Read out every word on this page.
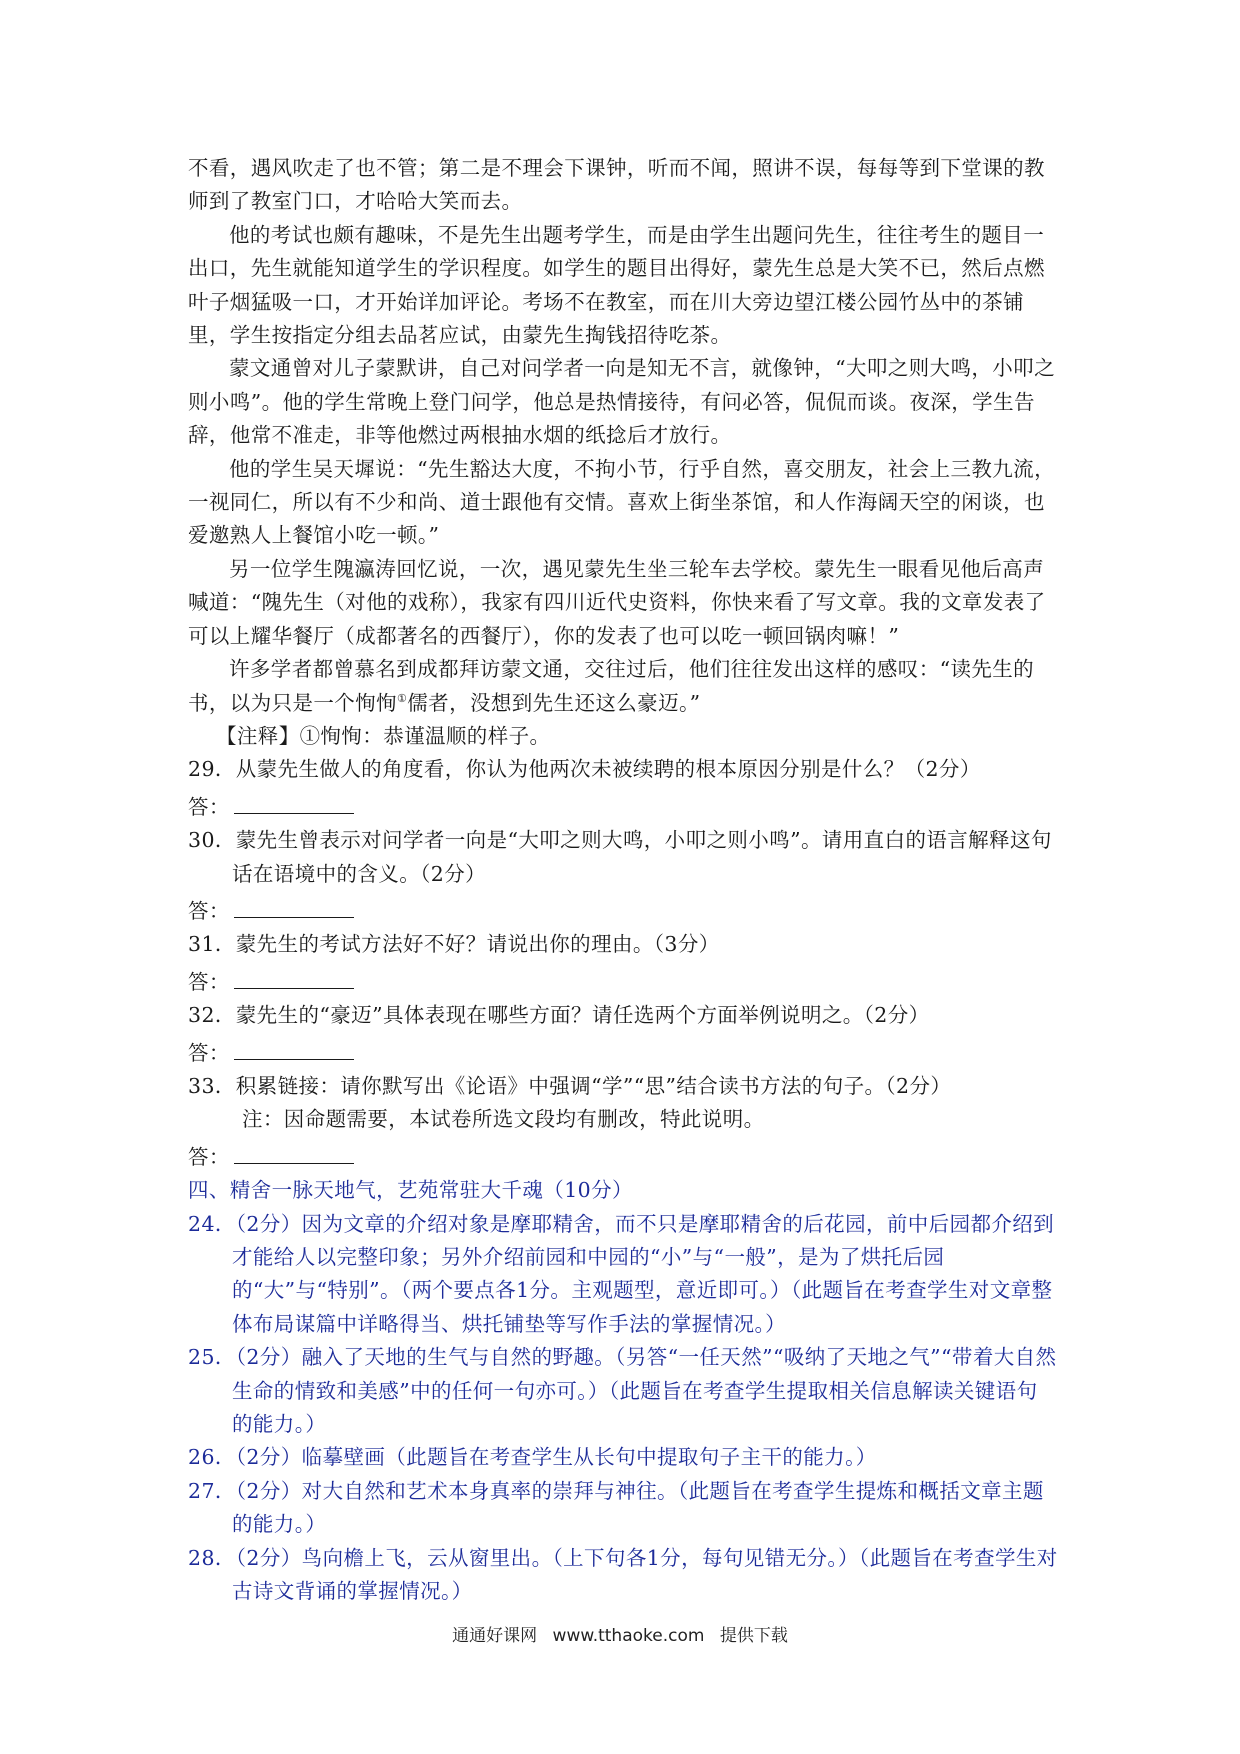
不看，遇风吹走了也不管；第二是不理会下课钟，听而不闻，照讲不误，每每等到下堂课的教师到了教室门口，才哈哈大笑而去。

他的考试也颇有趣味，不是先生出题考学生，而是由学生出题问先生，往往考生的题目一出口，先生就能知道学生的学识程度。如学生的题目出得好，蒙先生总是大笑不已，然后点燃叶子烟猛吸一口，才开始详加评论。考场不在教室，而在川大旁边望江楼公园竹丛中的茶铺里，学生按指定分组去品茗应试，由蒙先生掏钱招待吃茶。

蒙文通曾对儿子蒙默讲，自己对问学者一向是知无不言，就像钟，“大叩之则大鸣，小叩之则小鸣”。他的学生常晚上登门问学，他总是热情接待，有问必答，侃侃而谈。夜深，学生告辞，他常不准走，非等他燃过两根抽水烟的纸捻后才放行。

他的学生吴天墀说：“先生豁达大度，不拘小节，行乎自然，喜交朋友，社会上三教九流，一视同仁，所以有不少和尚、道士跟他有交情。喜欢上街坐茶馆，和人作海阔天空的闲谈，也爱邀熟人上餐馆小吃一顿。”

另一位学生隗瀛涛回忆说，一次，遇见蒙先生坐三轮车去学校。蒙先生一眼看见他后高声喊道：“隗先生（对他的戏称），我家有四川近代史资料，你快来看了写文章。我的文章发表了可以上耀华餐厅（成都著名的西餐厅），你的发表了也可以吃一顿回锅肉嘛！”

许多学者都曾慕名到成都拜访蒙文通，交往过后，他们往往发出这样的感叹：“读先生的书，以为只是一个恂恂①儒者，没想到先生还这么豪迈。”

【注释】①恂恂：恭谨温顺的样子。

29．从蒙先生做人的角度看，你认为他两次未被续聘的根本原因分别是什么？（2分）

答：

30．蒙先生曾表示对问学者一向是“大叩之则大鸣，小叩之则小鸣”。请用直白的语言解释这句话在语境中的含义。（2分）

答：

31．蒙先生的考试方法好不好？请说出你的理由。（3分）

答：

32．蒙先生的“豪迈”具体表现在哪些方面？请任选两个方面举例说明之。（2分）

答：

33．积累链接：请你默写出《论语》中强调“学”“思”结合读书方法的句子。（2分）

注：因命题需要，本试卷所选文段均有删改，特此说明。

答：

四、精舍一脉天地气，艺苑常驻大千魂（10分）

24．（2分）因为文章的介绍对象是摩耶精舍，而不只是摩耶精舍的后花园，前中后园都介绍到才能给人以完整印象；另外介绍前园和中园的“小”与“一般”，是为了烘托后园的“大”与“特别”。（两个要点各1分。主观题型，意近即可。）（此题旨在考查学生对文章整体布局谋篇中详略得当、烘托铺垫等写作手法的掌握情况。）

25．（2分）融入了天地的生气与自然的野趣。（另答“一任天然”“吸纳了天地之气”“带着大自然生命的情致和美感”中的任何一句亦可。）（此题旨在考查学生提取相关信息解读关键语句的能力。）

26．（2分）临摹壁画（此题旨在考查学生从长句中提取句子主干的能力。）

27．（2分）对大自然和艺术本身真率的崇拜与神往。（此题旨在考查学生提炼和概括文章主题的能力。）

28．（2分）鸟向檐上飞，云从窗里出。（上下句各1分，每句见错无分。）（此题旨在考查学生对古诗文背诵的掌握情况。）

通通好课网 www.tthaoke.com 提供下载
